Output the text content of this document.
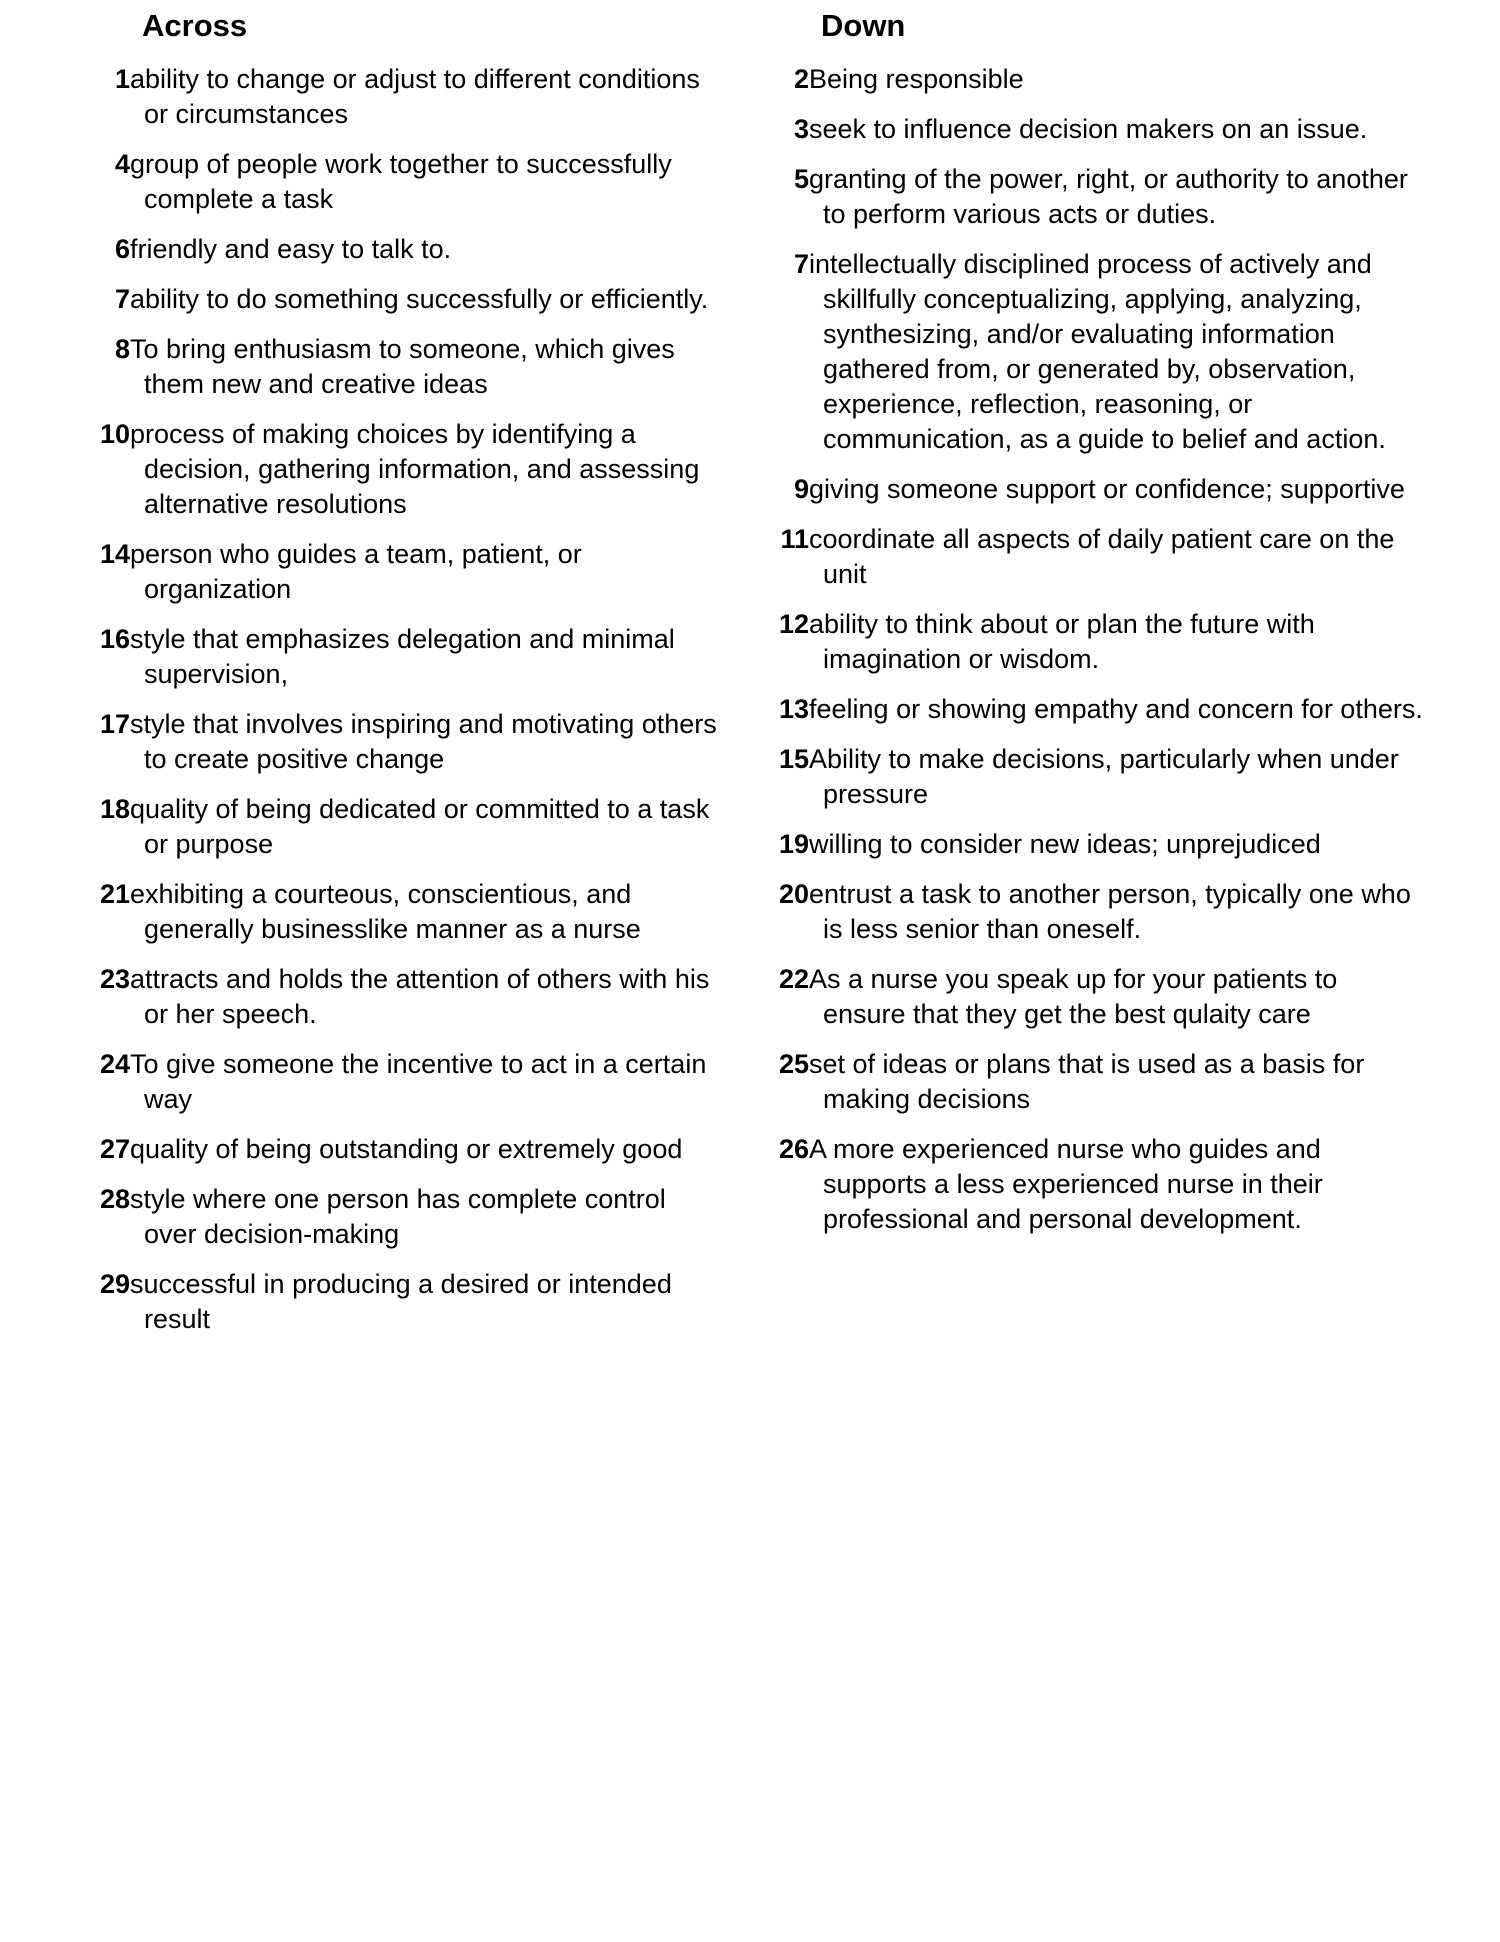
Across
1 ability to change or adjust to different conditions or circumstances
4 group of people work together to successfully complete a task
6 friendly and easy to talk to.
7 ability to do something successfully or efficiently.
8 To bring enthusiasm to someone, which gives them new and creative ideas
10 process of making choices by identifying a decision, gathering information, and assessing alternative resolutions
14 person who guides a team, patient, or organization
16 style that emphasizes delegation and minimal supervision,
17 style that involves inspiring and motivating others to create positive change
18 quality of being dedicated or committed to a task or purpose
21 exhibiting a courteous, conscientious, and generally businesslike manner as a nurse
23 attracts and holds the attention of others with his or her speech.
24 To give someone the incentive to act in a certain way
27 quality of being outstanding or extremely good
28 style where one person has complete control over decision-making
29 successful in producing a desired or intended result
Down
2 Being responsible
3 seek to influence decision makers on an issue.
5 granting of the power, right, or authority to another to perform various acts or duties.
7 intellectually disciplined process of actively and skillfully conceptualizing, applying, analyzing, synthesizing, and/or evaluating information gathered from, or generated by, observation, experience, reflection, reasoning, or communication, as a guide to belief and action.
9 giving someone support or confidence; supportive
11 coordinate all aspects of daily patient care on the unit
12 ability to think about or plan the future with imagination or wisdom.
13 feeling or showing empathy and concern for others.
15 Ability to make decisions, particularly when under pressure
19 willing to consider new ideas; unprejudiced
20 entrust a task to another person, typically one who is less senior than oneself.
22 As a nurse you speak up for your patients to ensure that they get the best qulaity care
25 set of ideas or plans that is used as a basis for making decisions
26 A more experienced nurse who guides and supports a less experienced nurse in their professional and personal development.
